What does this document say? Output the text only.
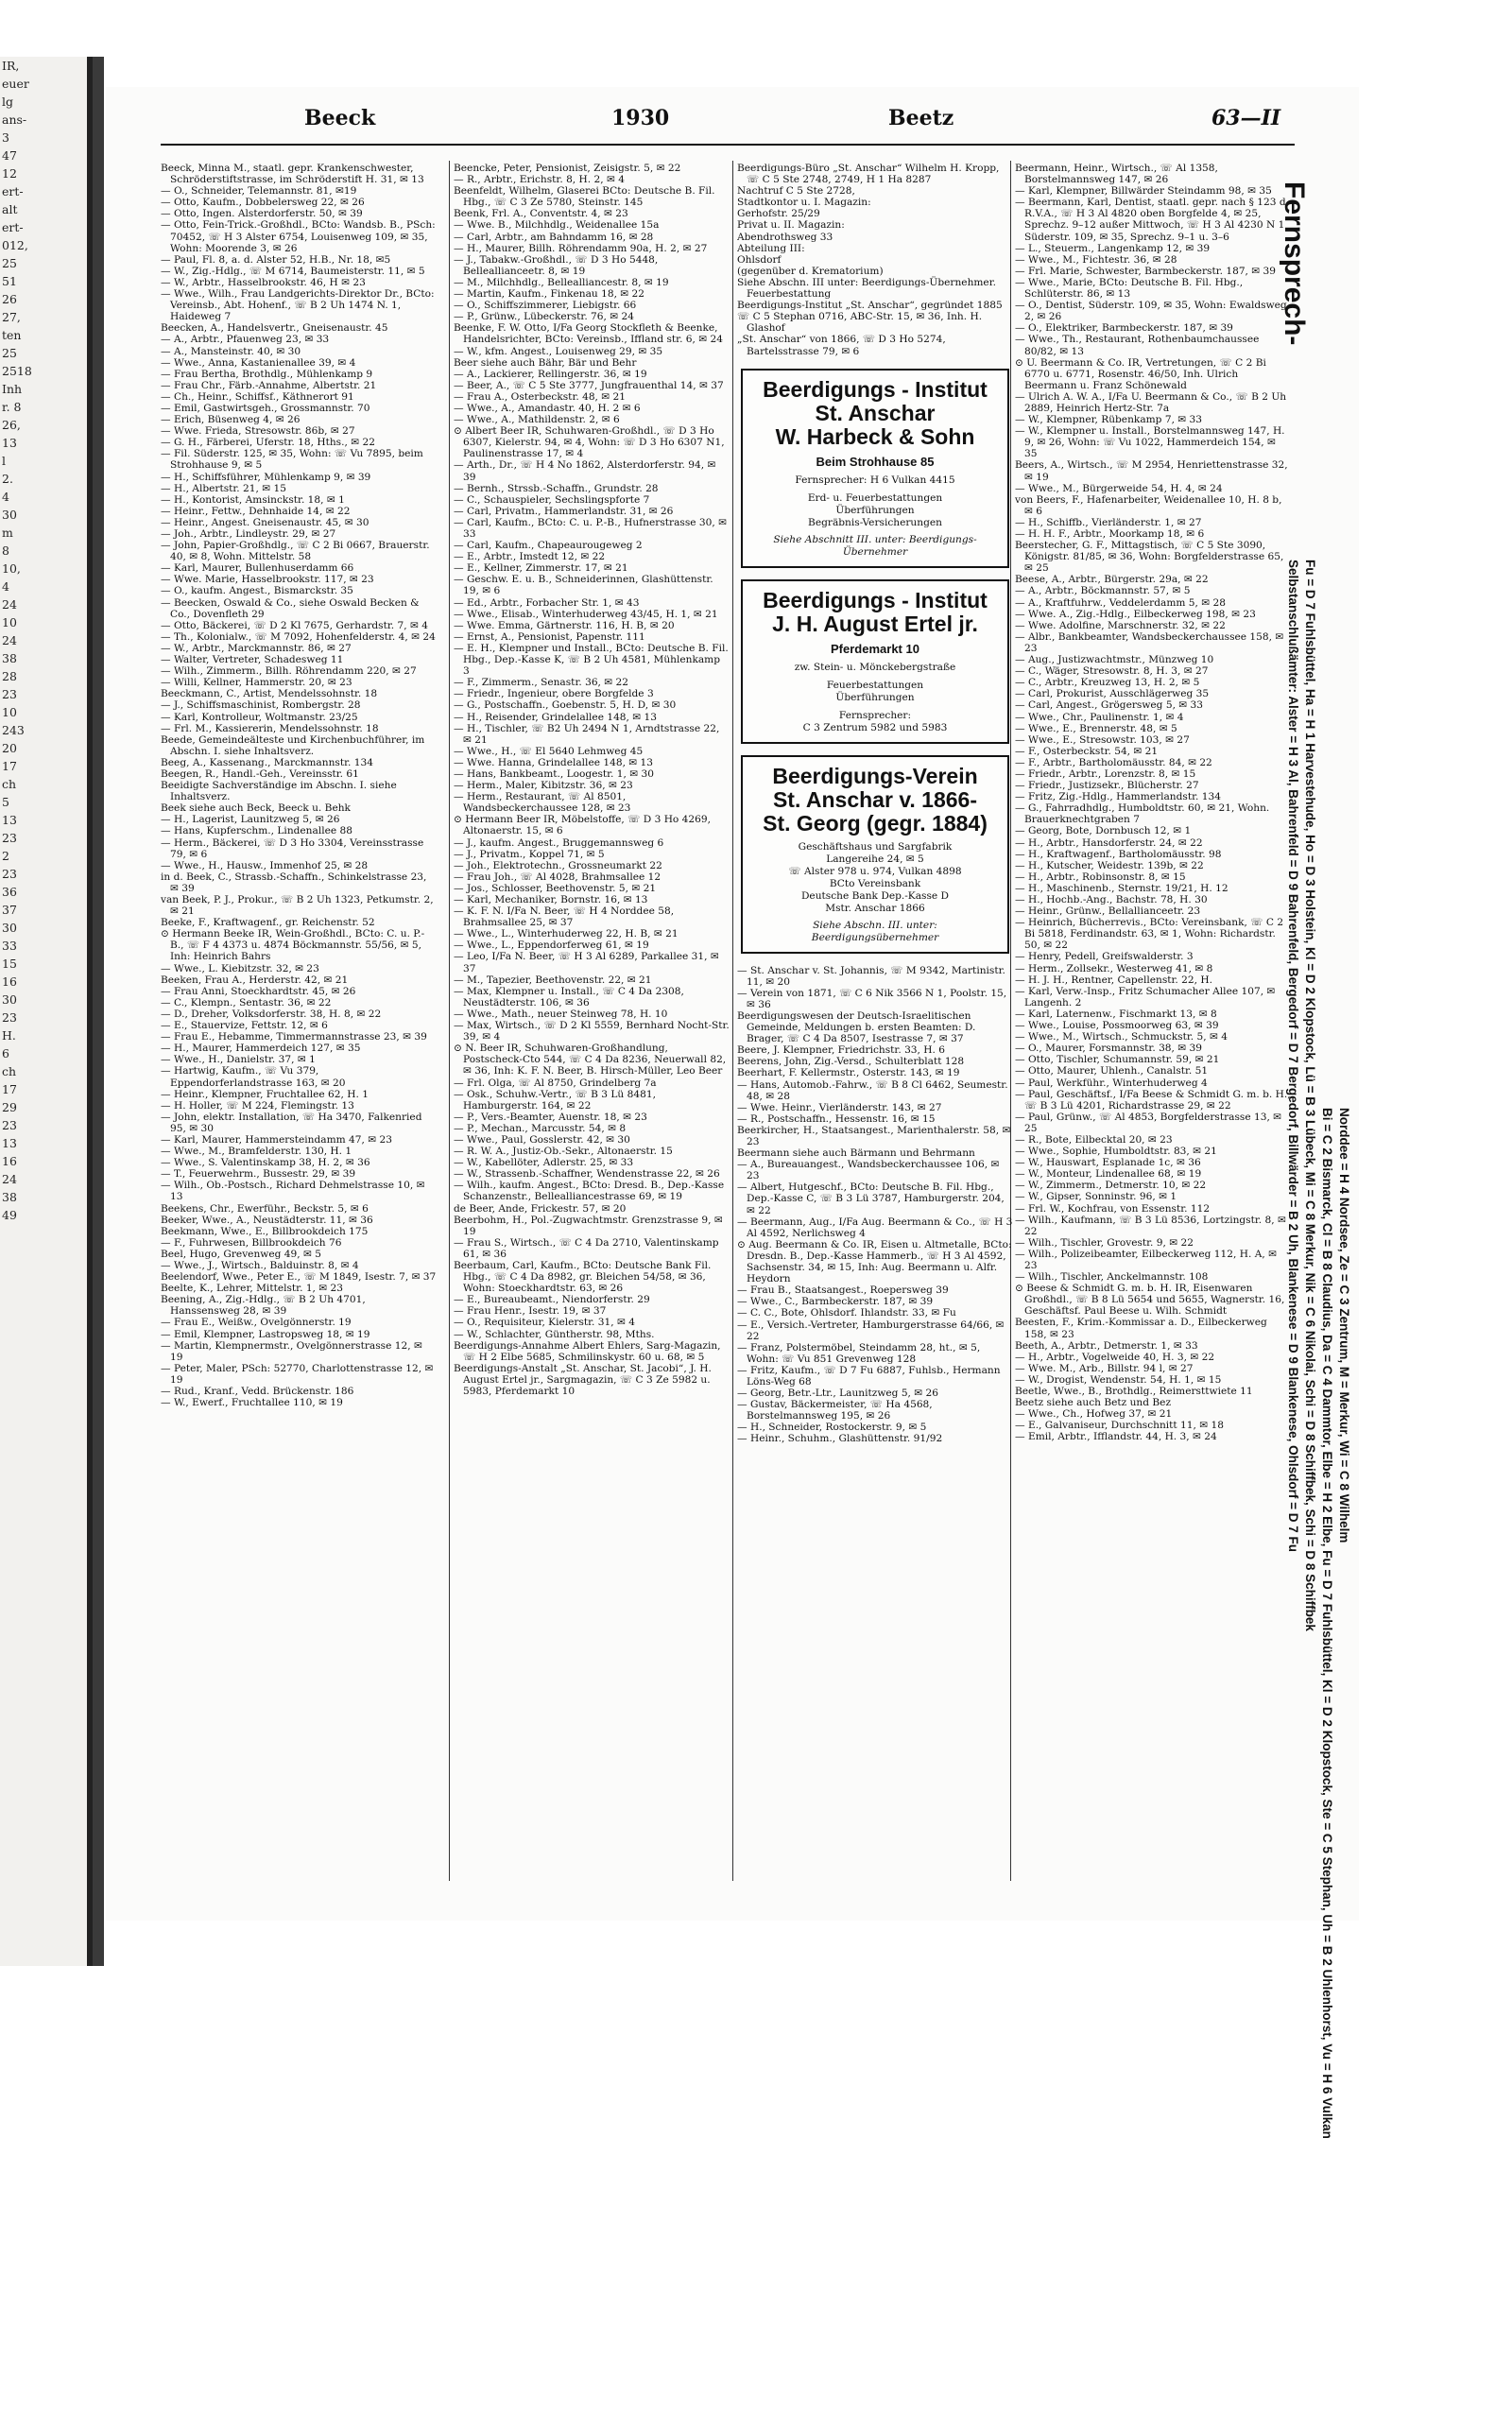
IR,
euer
lg
ans-
3
47
12
ert-
alt
ert-
012,
25
51
26
27,
ten
25
2518
Inh
r. 8
26,
13
l
2.
4
30
m
8
10,
4
24
10
24
38
28
23
10
243
20
17
ch
5
13
23
2
23
36
37
30
33
15
16
30
23
H.
6
ch
17
29
23
13
16
24
38
49
Beeck	1930	Beetz	63—II
Beeck, Minna M., staatl. gepr. Krankenschwester, Schröderstiftstrasse, im Schröderstift H. 31, ✉ 13
— O., Schneider, Telemannstr. 81, ✉19
— Otto, Kaufm., Dobbelersweg 22, ✉ 26
— Otto, Ingen. Alsterdorferstr. 50, ✉ 39
— Otto, Fein-Trick.-Großhdl., BCto: Wandsb. B., PSch: 70452, ☏ H 3 Alster 6754, Louisenweg 109, ✉ 35, Wohn: Moorende 3, ✉ 26
— Paul, Fl. 8, a. d. Alster 52, H.B., Nr. 18, ✉5
— W., Zig.-Hdlg., ☏ M 6714, Baumeisterstr. 11, ✉ 5
— W., Arbtr., Hasselbrookstr. 46, H ✉ 23
— Wwe., Wilh., Frau Landgerichts-Direktor Dr., BCto: Vereinsb., Abt. Hohenf., ☏ B 2 Uh 1474 N. 1, Haideweg 7
Beecken, A., Handelsvertr., Gneisenaustr. 45
— A., Arbtr., Pfauenweg 23, ✉ 33
— A., Mansteinstr. 40, ✉ 30
— Wwe., Anna, Kastanienallee 39, ✉ 4
— Frau Bertha, Brothdlg., Mühlenkamp 9
— Frau Chr., Färb.-Annahme, Albertstr. 21
— Ch., Heinr., Schiffsf., Käthnerort 91
— Emil, Gastwirtsgeh., Grossmannstr. 70
— Erich, Büsenweg 4, ✉ 26
— Wwe. Frieda, Stresowstr. 86b, ✉ 27
— G. H., Färberei, Uferstr. 18, Hths., ✉ 22
— Fil. Süderstr. 125, ✉ 35, Wohn: ☏ Vu 7895, beim Strohhause 9, ✉ 5
— H., Schiffsführer, Mühlenkamp 9, ✉ 39
— H., Albertstr. 21, ✉ 15
— H., Kontorist, Amsinckstr. 18, ✉ 1
— Heinr., Fettw., Dehnhaide 14, ✉ 22
— Heinr., Angest. Gneisenaustr. 45, ✉ 30
— Joh., Arbtr., Lindleystr. 29, ✉ 27
— John, Papier-Großhdlg., ☏ C 2 Bi 0667, Brauerstr. 40, ✉ 8, Wohn. Mittelstr. 58
— Karl, Maurer, Bullenhuserdamm 66
— Wwe. Marie, Hasselbrookstr. 117, ✉ 23
— O., kaufm. Angest., Bismarckstr. 35
— Beecken, Oswald & Co., siehe Oswald Becken & Co., Dovenfleth 29
— Otto, Bäckerei, ☏ D 2 Kl 7675, Gerhardstr. 7, ✉ 4
— Th., Kolonialw., ☏ M 7092, Hohenfelderstr. 4, ✉ 24
— W., Arbtr., Marckmannstr. 86, ✉ 27
— Walter, Vertreter, Schadesweg 11
— Wilh., Zimmerm., Billh. Röhrendamm 220, ✉ 27
— Willi, Kellner, Hammerstr. 20, ✉ 23
Beeckmann, C., Artist, Mendelssohnstr. 18
— J., Schiffsmaschinist, Rombergstr. 28
— Karl, Kontrolleur, Woltmanstr. 23/25
— Frl. M., Kassiererin, Mendelssohnstr. 18
Beede, Gemeindeälteste und Kirchenbuchführer, im Abschn. I. siehe Inhaltsverz.
Beeg, A., Kassenang., Marckmannstr. 134
Beegen, R., Handl.-Geh., Vereinsstr. 61
Beeidigte Sachverständige im Abschn. I. siehe Inhaltsverz.
Beek siehe auch Beck, Beeck u. Behk
— H., Lagerist, Launitzweg 5, ✉ 26
— Hans, Kupferschm., Lindenallee 88
— Herm., Bäckerei, ☏ D 3 Ho 3304, Vereinsstrasse 79, ✉ 6
— Wwe., H., Hausw., Immenhof 25, ✉ 28
in d. Beek, C., Strassb.-Schaffn., Schinkelstrasse 23, ✉ 39
van Beek, P. J., Prokur., ☏ B 2 Uh 1323, Petkumstr. 2, ✉ 21
Beeke, F., Kraftwagenf., gr. Reichenstr. 52
⊙ Hermann Beeke IR, Wein-Großhdl., BCto: C. u. P.-B., ☏ F 4 4373 u. 4874 Böckmannstr. 55/56, ✉ 5, Inh: Heinrich Bahrs
— Wwe., L. Kiebitzstr. 32, ✉ 23
Beeken, Frau A., Herderstr. 42, ✉ 21
— Frau Anni, Stoeckhardtstr. 45, ✉ 26
— C., Klempn., Sentastr. 36, ✉ 22
— D., Dreher, Volksdorferstr. 38, H. 8, ✉ 22
— E., Stauervize, Fettstr. 12, ✉ 6
— Frau E., Hebamme, Timmermannstrasse 23, ✉ 39
— H., Maurer, Hammerdeich 127, ✉ 35
— Wwe., H., Danielstr. 37, ✉ 1
— Hartwig, Kaufm., ☏ Vu 379, Eppendorferlandstrasse 163, ✉ 20
— Heinr., Klempner, Fruchtallee 62, H. 1
— H. Holler, ☏ M 224, Flemingstr. 13
— John, elektr. Installation, ☏ Ha 3470, Falkenried 95, ✉ 30
— Karl, Maurer, Hammersteindamm 47, ✉ 23
— Wwe., M., Bramfelderstr. 130, H. 1
— Wwe., S. Valentinskamp 38, H. 2, ✉ 36
— T., Feuerwehrm., Bussestr. 29, ✉ 39
— Wilh., Ob.-Postsch., Richard Dehmelstrasse 10, ✉ 13
Beekens, Chr., Ewerführ., Beckstr. 5, ✉ 6
Beeker, Wwe., A., Neustädterstr. 11, ✉ 36
Beekmann, Wwe., E., Billbrookdeich 175
— F., Fuhrwesen, Billbrookdeich 76
Beel, Hugo, Grevenweg 49, ✉ 5
— Wwe., J., Wirtsch., Balduinstr. 8, ✉ 4
Beelendorf, Wwe., Peter E., ☏ M 1849, Isestr. 7, ✉ 37
Beelte, K., Lehrer, Mittelstr. 1, ✉ 23
Beening, A., Zig.-Hdlg., ☏ B 2 Uh 4701, Hanssensweg 28, ✉ 39
— Frau E., Weißw., Ovelgönnerstr. 19
— Emil, Klempner, Lastropsweg 18, ✉ 19
— Martin, Klempnermstr., Ovelgönnerstrasse 12, ✉ 19
— Peter, Maler, PSch: 52770, Charlottenstrasse 12, ✉ 19
— Rud., Kranf., Vedd. Brückenstr. 186
— W., Ewerf., Fruchtallee 110, ✉ 19
Beencke, Peter, Pensionist, Zeisigstr. 5, ✉ 22
— R., Arbtr., Erichstr. 8, H. 2, ✉ 4
Beenfeldt, Wilhelm, Glaserei BCto: Deutsche B. Fil. Hbg., ☏ C 3 Ze 5780, Steinstr. 145
Beenk, Frl. A., Conventstr. 4, ✉ 23
— Wwe. B., Milchhdlg., Weidenallee 15a
— Carl, Arbtr., am Bahndamm 16, ✉ 28
— H., Maurer, Billh. Röhrendamm 90a, H. 2, ✉ 27
— J., Tabakw.-Großhdl., ☏ D 3 Ho 5448, Belleallianceetr. 8, ✉ 19
— M., Milchhdlg., Bellealliancestr. 8, ✉ 19
— Martin, Kaufm., Finkenau 18, ✉ 22
— O., Schiffszimmerer, Liebigstr. 66
— P., Grünw., Lübeckerstr. 76, ✉ 24
Beenke, F. W. Otto, I/Fa Georg Stockfleth & Beenke, Handelsrichter, BCto: Vereinsb., Iffland str. 6, ✉ 24
— W., kfm. Angest., Louisenweg 29, ✉ 35
Beer siehe auch Bähr, Bär und Behr
— A., Lackierer, Rellingerstr. 36, ✉ 19
— Beer, A., ☏ C 5 Ste 3777, Jungfrauenthal 14, ✉ 37
— Frau A., Osterbeckstr. 48, ✉ 21
— Wwe., A., Amandastr. 40, H. 2 ✉ 6
— Wwe., A., Mathildenstr. 2, ✉ 6
⊙ Albert Beer IR, Schuhwaren-Großhdl., ☏ D 3 Ho 6307, Kielerstr. 94, ✉ 4, Wohn: ☏ D 3 Ho 6307 N1, Paulinenstrasse 17, ✉ 4
— Arth., Dr., ☏ H 4 No 1862, Alsterdorferstr. 94, ✉ 39
— Bernh., Strssb.-Schaffn., Grundstr. 28
— C., Schauspieler, Sechslingspforte 7
— Carl, Privatm., Hammerlandstr. 31, ✉ 26
— Carl, Kaufm., BCto: C. u. P.-B., Hufnerstrasse 30, ✉ 33
— Carl, Kaufm., Chapeaurougeweg 2
— E., Arbtr., Imstedt 12, ✉ 22
— E., Kellner, Zimmerstr. 17, ✉ 21
— Geschw. E. u. B., Schneiderinnen, Glashüttenstr. 19, ✉ 6
— Ed., Arbtr., Forbacher Str. 1, ✉ 43
— Wwe., Elisab., Winterhuderweg 43/45, H. 1, ✉ 21
— Wwe. Emma, Gärtnerstr. 116, H. B, ✉ 20
— Ernst, A., Pensionist, Papenstr. 111
— E. H., Klempner und Install., BCto: Deutsche B. Fil. Hbg., Dep.-Kasse K, ☏ B 2 Uh 4581, Mühlenkamp 3
— F., Zimmerm., Senastr. 36, ✉ 22
— Friedr., Ingenieur, obere Borgfelde 3
— G., Postschaffn., Goebenstr. 5, H. D, ✉ 30
— H., Reisender, Grindelallee 148, ✉ 13
— H., Tischler, ☏ B2 Uh 2494 N 1, Arndtstrasse 22, ✉ 21
— Wwe., H., ☏ El 5640 Lehmweg 45
— Wwe. Hanna, Grindelallee 148, ✉ 13
— Hans, Bankbeamt., Loogestr. 1, ✉ 30
— Herm., Maler, Kibitzstr. 36, ✉ 23
— Herm., Restaurant, ☏ Al 8501, Wandsbeckerchaussee 128, ✉ 23
⊙ Hermann Beer IR, Möbelstoffe, ☏ D 3 Ho 4269, Altonaerstr. 15, ✉ 6
— J., kaufm. Angest., Bruggemannsweg 6
— J., Privatm., Koppel 71, ✉ 5
— Joh., Elektrotechn., Grossneumarkt 22
— Frau Joh., ☏ Al 4028, Brahmsallee 12
— Jos., Schlosser, Beethovenstr. 5, ✉ 21
— Karl, Mechaniker, Bornstr. 16, ✉ 13
— K. F. N. I/Fa N. Beer, ☏ H 4 Norddee 58, Brahmsallee 25, ✉ 37
— Wwe., L., Winterhuderweg 22, H. B, ✉ 21
— Wwe., L., Eppendorferweg 61, ✉ 19
— Leo, I/Fa N. Beer, ☏ H 3 Al 6289, Parkallee 31, ✉ 37
— M., Tapezier, Beethovenstr. 22, ✉ 21
— Max, Klempner u. Install., ☏ C 4 Da 2308, Neustädterstr. 106, ✉ 36
— Wwe., Math., neuer Steinweg 78, H. 10
— Max, Wirtsch., ☏ D 2 Kl 5559, Bernhard Nocht-Str. 39, ✉ 4
⊙ N. Beer IR, Schuhwaren-Großhandlung, Postscheck-Cto 544, ☏ C 4 Da 8236, Neuerwall 82, ✉ 36, Inh: K. F. N. Beer, B. Hirsch-Müller, Leo Beer
— Frl. Olga, ☏ Al 8750, Grindelberg 7a
— Osk., Schuhw.-Vertr., ☏ B 3 Lü 8481, Hamburgerstr. 164, ✉ 22
— P., Vers.-Beamter, Auenstr. 18, ✉ 23
— P., Mechan., Marcusstr. 54, ✉ 8
— Wwe., Paul, Gosslerstr. 42, ✉ 30
— R. W. A., Justiz-Ob.-Sekr., Altonaerstr. 15
— W., Kabellöter, Adlerstr. 25, ✉ 33
— W., Strassenb.-Schaffner, Wendenstrasse 22, ✉ 26
— Wilh., kaufm. Angest., BCto: Dresd. B., Dep.-Kasse Schanzenstr., Bellealliancestrasse 69, ✉ 19
de Beer, Ande, Frickestr. 57, ✉ 20
Beerbohm, H., Pol.-Zugwachtmstr. Grenzstrasse 9, ✉ 19
— Frau S., Wirtsch., ☏ C 4 Da 2710, Valentinskamp 61, ✉ 36
Beerbaum, Carl, Kaufm., BCto: Deutsche Bank Fil. Hbg., ☏ C 4 Da 8982, gr. Bleichen 54/58, ✉ 36, Wohn: Stoeckhardtstr. 63, ✉ 26
— E., Bureaubeamt., Niendorferstr. 29
— Frau Henr., Isestr. 19, ✉ 37
— O., Requisiteur, Kielerstr. 31, ✉ 4
— W., Schlachter, Güntherstr. 98, Mths.
Beerdigungs-Annahme Albert Ehlers, Sarg-Magazin, ☏ H 2 Elbe 5685, Schmilinskystr. 60 u. 68, ✉ 5
Beerdigungs-Anstalt „St. Anschar, St. Jacobi“, J. H. August Ertel jr., Sargmagazin, ☏ C 3 Ze 5982 u. 5983, Pferdemarkt 10
Beerdigungs-Büro „St. Anschar“ Wilhelm H. Kropp, ☏ C 5 Ste 2748, 2749, H 1 Ha 8287
Nachtruf C 5 Ste 2728,
Stadtkontor u. I. Magazin:
Gerhofstr. 25/29
Privat u. II. Magazin:
Abendrothsweg 33
Abteilung III:
Ohlsdorf
(gegenüber d. Krematorium)
Siehe Abschn. III unter: Beerdigungs-Übernehmer. Feuerbestattung
Beerdigungs-Institut „St. Anschar“, gegründet 1885
☏ C 5 Stephan 0716, ABC-Str. 15, ✉ 36, Inh. H. Glashof
„St. Anschar“ von 1866, ☏ D 3 Ho 5274, Bartelsstrasse 79, ✉ 6
Beerdigungs - Institut
St. Anschar
W. Harbeck & Sohn
Beim Strohhause 85
Fernsprecher: H 6 Vulkan 4415
Erd- u. Feuerbestattungen
Überführungen
Begräbnis-Versicherungen
Siehe Abschnitt III. unter: Beerdigungs-Übernehmer
Beerdigungs - Institut
J. H. August Ertel jr.
Pferdemarkt 10
zw. Stein- u. Mönckebergstraße
Feuerbestattungen
Überführungen
Fernsprecher:
C 3 Zentrum 5982 und 5983
Beerdigungs-Verein
St. Anschar v. 1866-
St. Georg (gegr. 1884)
Geschäftshaus und Sargfabrik
Langereihe 24, ✉ 5
☏ Alster 978 u. 974, Vulkan 4898
BCto Vereinsbank
Deutsche Bank Dep.-Kasse D
Mstr. Anschar 1866
Siehe Abschn. III. unter: Beerdigungsübernehmer
— St. Anschar v. St. Johannis, ☏ M 9342, Martinistr. 11, ✉ 20
— Verein von 1871, ☏ C 6 Nik 3566 N 1, Poolstr. 15, ✉ 36
Beerdigungswesen der Deutsch-Israelitischen Gemeinde, Meldungen b. ersten Beamten: D. Brager, ☏ C 4 Da 8507, Isestrasse 7, ✉ 37
Beere, J. Klempner, Friedrichstr. 33, H. 6
Beerens, John, Zig.-Versd., Schulterblatt 128
Beerhart, F. Kellermstr., Osterstr. 143, ✉ 19
— Hans, Automob.-Fahrw., ☏ B 8 Cl 6462, Seumestr. 48, ✉ 28
— Wwe. Heinr., Vierländerstr. 143, ✉ 27
— R., Postschaffn., Hessenstr. 16, ✉ 15
Beerkircher, H., Staatsangest., Marienthalerstr. 58, ✉ 23
Beermann siehe auch Bärmann und Behrmann
— A., Bureauangest., Wandsbeckerchaussee 106, ✉ 23
— Albert, Hutgeschf., BCto: Deutsche B. Fil. Hbg., Dep.-Kasse C, ☏ B 3 Lü 3787, Hamburgerstr. 204, ✉ 22
— Beermann, Aug., I/Fa Aug. Beermann & Co., ☏ H 3 Al 4592, Nerlichsweg 4
⊙ Aug. Beermann & Co. IR, Eisen u. Altmetalle, BCto: Dresdn. B., Dep.-Kasse Hammerb., ☏ H 3 Al 4592, Sachsenstr. 34, ✉ 15, Inh: Aug. Beermann u. Alfr. Heydorn
— Frau B., Staatsangest., Roepersweg 39
— Wwe., C., Barmbeckerstr. 187, ✉ 39
— C. C., Bote, Ohlsdorf. Ihlandstr. 33, ✉ Fu
— E., Versich.-Vertreter, Hamburgerstrasse 64/66, ✉ 22
— Franz, Polstermöbel, Steindamm 28, ht., ✉ 5, Wohn: ☏ Vu 851 Grevenweg 128
— Fritz, Kaufm., ☏ D 7 Fu 6887, Fuhlsb., Hermann Löns-Weg 68
— Georg, Betr.-Ltr., Launitzweg 5, ✉ 26
— Gustav, Bäckermeister, ☏ Ha 4568, Borstelmannsweg 195, ✉ 26
— H., Schneider, Rostockerstr. 9, ✉ 5
— Heinr., Schuhm., Glashüttenstr. 91/92
Beermann, Heinr., Wirtsch., ☏ Al 1358, Borstelmannsweg 147, ✉ 26
— Karl, Klempner, Billwärder Steindamm 98, ✉ 35
— Beermann, Karl, Dentist, staatl. gepr. nach § 123 d. R.V.A., ☏ H 3 Al 4820 oben Borgfelde 4, ✉ 25, Sprechz. 9–12 außer Mittwoch, ☏ H 3 Al 4230 N 1 Süderstr. 109, ✉ 35, Sprechz. 9–1 u. 3–6
— L., Steuerm., Langenkamp 12, ✉ 39
— Wwe., M., Fichtestr. 36, ✉ 28
— Frl. Marie, Schwester, Barmbeckerstr. 187, ✉ 39
— Wwe., Marie, BCto: Deutsche B. Fil. Hbg., Schlüterstr. 86, ✉ 13
— O., Dentist, Süderstr. 109, ✉ 35, Wohn: Ewaldsweg 2, ✉ 26
— O., Elektriker, Barmbeckerstr. 187, ✉ 39
— Wwe., Th., Restaurant, Rothenbaumchaussee 80/82, ✉ 13
⊙ U. Beermann & Co. IR, Vertretungen, ☏ C 2 Bi 6770 u. 6771, Rosenstr. 46/50, Inh. Ulrich Beermann u. Franz Schönewald
— Ulrich A. W. A., I/Fa U. Beermann & Co., ☏ B 2 Uh 2889, Heinrich Hertz-Str. 7a
— W., Klempner, Rübenkamp 7, ✉ 33
— W., Klempner u. Install., Borstelmannsweg 147, H. 9, ✉ 26, Wohn: ☏ Vu 1022, Hammerdeich 154, ✉ 35
Beers, A., Wirtsch., ☏ M 2954, Henriettenstrasse 32, ✉ 19
— Wwe., M., Bürgerweide 54, H. 4, ✉ 24
von Beers, F., Hafenarbeiter, Weidenallee 10, H. 8 b, ✉ 6
— H., Schiffb., Vierländerstr. 1, ✉ 27
— H. H. F., Arbtr., Moorkamp 18, ✉ 6
Beerstecher, G. F., Mittagstisch, ☏ C 5 Ste 3090, Königstr. 81/85, ✉ 36, Wohn: Borgfelderstrasse 65, ✉ 25
Beese, A., Arbtr., Bürgerstr. 29a, ✉ 22
— A., Arbtr., Böckmannstr. 57, ✉ 5
— A., Kraftfuhrw., Veddelerdamm 5, ✉ 28
— Wwe. A., Zig.-Hdlg., Eilbeckerweg 198, ✉ 23
— Wwe. Adolfine, Marschnerstr. 32, ✉ 22
— Albr., Bankbeamter, Wandsbeckerchaussee 158, ✉ 23
— Aug., Justizwachtmstr., Münzweg 10
— C., Wäger, Stresowstr. 8, H. 3, ✉ 27
— C., Arbtr., Kreuzweg 13, H. 2, ✉ 5
— Carl, Prokurist, Ausschlägerweg 35
— Carl, Angest., Grögersweg 5, ✉ 33
— Wwe., Chr., Paulinenstr. 1, ✉ 4
— Wwe., E., Brennerstr. 48, ✉ 5
— Wwe., E., Stresowstr. 103, ✉ 27
— F., Osterbeckstr. 54, ✉ 21
— F., Arbtr., Bartholomäusstr. 84, ✉ 22
— Friedr., Arbtr., Lorenzstr. 8, ✉ 15
— Friedr., Justizsekr., Blücherstr. 27
— Fritz, Zig.-Hdlg., Hammerlandstr. 134
— G., Fahrradhdlg., Humboldtstr. 60, ✉ 21, Wohn. Brauerknechtgraben 7
— Georg, Bote, Dornbusch 12, ✉ 1
— H., Arbtr., Hansdorferstr. 24, ✉ 22
— H., Kraftwagenf., Bartholomäusstr. 98
— H., Kutscher, Weidestr. 139b, ✉ 22
— H., Arbtr., Robinsonstr. 8, ✉ 15
— H., Maschinenb., Sternstr. 19/21, H. 12
— H., Hochb.-Ang., Bachstr. 78, H. 30
— Heinr., Grünw., Bellallianceetr. 23
— Heinrich, Bücherrevis., BCto: Vereinsbank, ☏ C 2 Bi 5818, Ferdinandstr. 63, ✉ 1, Wohn: Richardstr. 50, ✉ 22
— Henry, Pedell, Greifswalderstr. 3
— Herm., Zollsekr., Westerweg 41, ✉ 8
— H. J. H., Rentner, Capellenstr. 22, H.
— Karl, Verw.-Insp., Fritz Schumacher Allee 107, ✉ Langenh. 2
— Karl, Laternenw., Fischmarkt 13, ✉ 8
— Wwe., Louise, Possmoorweg 63, ✉ 39
— Wwe., M., Wirtsch., Schmuckstr. 5, ✉ 4
— O., Maurer, Forsmannstr. 38, ✉ 39
— Otto, Tischler, Schumannstr. 59, ✉ 21
— Otto, Maurer, Uhlenh., Canalstr. 51
— Paul, Werkführ., Winterhuderweg 4
— Paul, Geschäftsf., I/Fa Beese & Schmidt G. m. b. H., ☏ B 3 Lü 4201, Richardstrasse 29, ✉ 22
— Paul, Grünw., ☏ Al 4853, Borgfelderstrasse 13, ✉ 25
— R., Bote, Eilbecktal 20, ✉ 23
— Wwe., Sophie, Humboldtstr. 83, ✉ 21
— W., Hauswart, Esplanade 1c, ✉ 36
— W., Monteur, Lindenallee 68, ✉ 19
— W., Zimmerm., Detmerstr. 10, ✉ 22
— W., Gipser, Sonninstr. 96, ✉ 1
— Frl. W., Kochfrau, von Essenstr. 112
— Wilh., Kaufmann, ☏ B 3 Lü 8536, Lortzingstr. 8, ✉ 22
— Wilh., Tischler, Grovestr. 9, ✉ 22
— Wilh., Polizeibeamter, Eilbeckerweg 112, H. A, ✉ 23
— Wilh., Tischler, Anckelmannstr. 108
⊙ Beese & Schmidt G. m. b. H. IR, Eisenwaren Großhdl., ☏ B 8 Lü 5654 und 5655, Wagnerstr. 16, Geschäftsf. Paul Beese u. Wilh. Schmidt
Beesten, F., Krim.-Kommissar a. D., Eilbeckerweg 158, ✉ 23
Beeth, A., Arbtr., Detmerstr. 1, ✉ 33
— H., Arbtr., Vogelweide 40, H. 3, ✉ 22
— Wwe. M., Arb., Billstr. 94 l, ✉ 27
— W., Drogist, Wendenstr. 54, H. 1, ✉ 15
Beetle, Wwe., B., Brothdlg., Reimersttwiete 11
Beetz siehe auch Betz und Bez
— Wwe., Ch., Hofweg 37, ✉ 21
— E., Galvaniseur, Durchschnitt 11, ✉ 18
— Emil, Arbtr., Ifflandstr. 44, H. 3, ✉ 24
Fernsprech-
Selbstanschlußämter: Alster = H 3 Al, Bahrenfeld = D 9 Bahrenfeld, Bergedorf = D 7 Bergedorf, Billwärder = B 2 Uh, Blankenese = D 9 Blankenese, Ohlsdorf = D 7 Fu Fu = D 7 Fuhlsbüttel, Ha = H 1 Harvestehude, Ho = D 3 Holstein, Kl = D 2 Klopstock, Lü = B 3 Lübeck, Mi = C 8 Merkur, Nik = C 6 Nikolai, Schi = D 8 Schiffbek, Schi = D 8 Schiffbek Bi = C 2 Bismarck, Cl = B 8 Claudius, Da = C 4 Dammtor, Elbe = H 2 Elbe, Fu = D 7 Fuhlsbüttel, Kl = D 2 Klopstock, Ste = C 5 Stephan, Uh = B 2 Uhlenhorst, Vu = H 6 Vulkan Norddee = H 4 Nordsee, Ze = C 3 Zentrum, M = Merkur, Wi = C 8 Wilhelm
